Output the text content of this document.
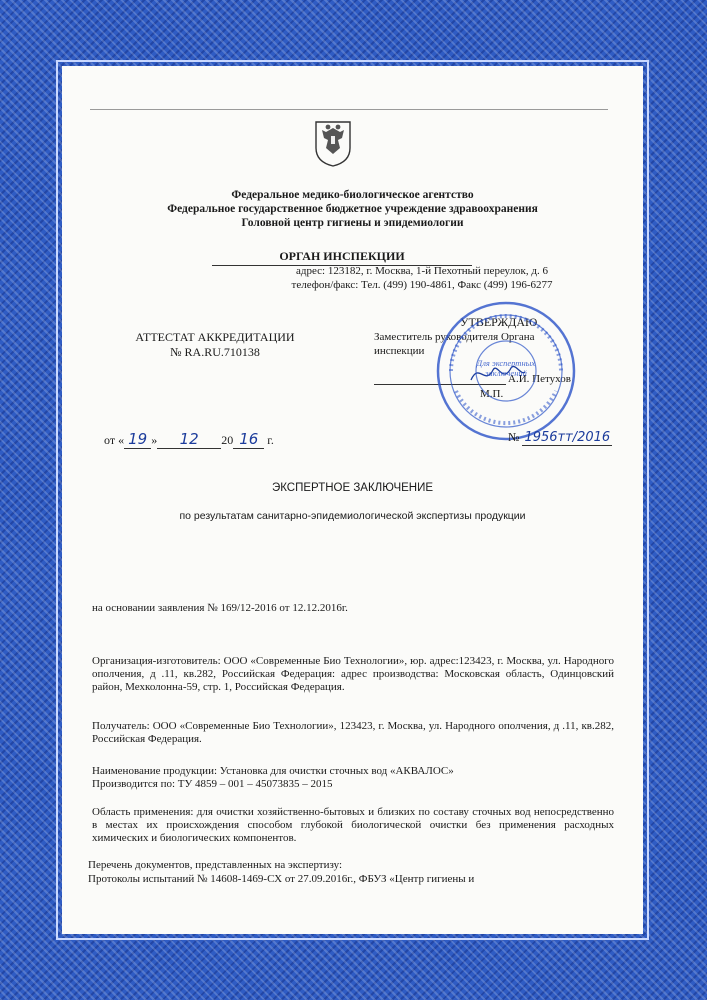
Федеральное медико-биологическое агентство
Федеральное государственное бюджетное учреждение здравоохранения
Головной центр гигиены и эпидемиологии
ОРГАН ИНСПЕКЦИИ
адрес: 123182, г. Москва, 1-й Пехотный переулок, д. 6
телефон/факс: Тел. (499) 190-4861, Факс (499) 196-6277
АТТЕСТАТ АККРЕДИТАЦИИ
№ RA.RU.710138
УТВЕРЖДАЮ
Заместитель руководителя Органа
инспекции
А.И. Петухов
М.П.
Для экспертных заключений
от « 19 » 12 20 16 г.	№ 1956тт/2016
ЭКСПЕРТНОЕ ЗАКЛЮЧЕНИЕ
по результатам санитарно-эпидемиологической экспертизы продукции
на основании заявления № 169/12-2016 от 12.12.2016г.
Организация-изготовитель: ООО «Современные Био Технологии», юр. адрес:123423, г. Москва, ул. Народного ополчения, д .11, кв.282, Российская Федерация: адрес производства: Московская область, Одинцовский район, Мехколонна-59, стр. 1, Российская Федерация.
Получатель: ООО «Современные Био Технологии», 123423, г. Москва, ул. Народного ополчения, д .11, кв.282, Российская Федерация.
Наименование продукции: Установка для очистки сточных вод «АКВАЛОС»
Производится по: ТУ 4859 – 001 – 45073835 – 2015
Область применения: для очистки хозяйственно-бытовых и близких по составу сточных вод непосредственно в местах их происхождения способом глубокой биологической очистки без применения расходных химических и биологических компонентов.
Перечень документов, представленных на экспертизу:
Протоколы испытаний № 14608-1469-СХ от 27.09.2016г., ФБУЗ «Центр гигиены и
